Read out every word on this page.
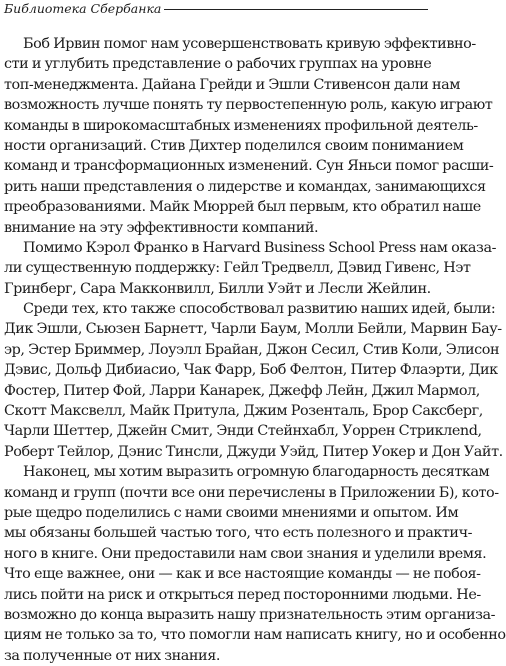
Библиотека Сбербанка
Боб Ирвин помог нам усовершенствовать кривую эффективно-
сти и углубить представление о рабочих группах на уровне
топ-менеджмента. Дайана Грейди и Эшли Стивенсон дали нам
возможность лучше понять ту первостепенную роль, какую играют
команды в широкомасштабных изменениях профильной деятель-
ности организаций. Стив Дихтер поделился своим пониманием
команд и трансформационных изменений. Сун Яньси помог расши-
рить наши представления о лидерстве и командах, занимающихся
преобразованиями. Майк Мюррей был первым, кто обратил наше
внимание на эту эффективности компаний.
Помимо Кэрол Франко в Harvard Business School Press нам оказа-
ли существенную поддержку: Гейл Тредвелл, Дэвид Гивенс, Нэт
Гринберг, Сара Макконвилл, Билли Уэйт и Лесли Жейлин.
Среди тех, кто также способствовал развитию наших идей, были:
Дик Эшли, Сьюзен Барнетт, Чарли Баум, Молли Бейли, Марвин Бау-
эр, Эстер Бриммер, Лоуэлл Брайан, Джон Сесил, Стив Коли, Элисон
Дэвис, Дольф Дибиасио, Чак Фарр, Боб Фелтон, Питер Флаэрти, Дик
Фостер, Питер Фой, Ларри Канарек, Джефф Лейн, Джил Мармол,
Скотт Максвелл, Майк Притула, Джим Розенталь, Брор Саксберг,
Чарли Шеттер, Джейн Смит, Энди Стейнхабл, Уоррен Стриклend,
Роберт Тейлор, Дэнис Тинсли, Джуди Уэйд, Питер Уокер и Дон Уайт.
Наконец, мы хотим выразить огромную благодарность десяткам
команд и групп (почти все они перечислены в Приложении Б), кото-
рые щедро поделились с нами своими мнениями и опытом. Им
мы обязаны большей частью того, что есть полезного и практич-
ного в книге. Они предоставили нам свои знания и уделили время.
Что еще важнее, они — как и все настоящие команды — не побоя-
лись пойти на риск и открыться перед посторонними людьми. Не-
возможно до конца выразить нашу признательность этим организа-
циям не только за то, что помогли нам написать книгу, но и особенно
за полученные от них знания.
